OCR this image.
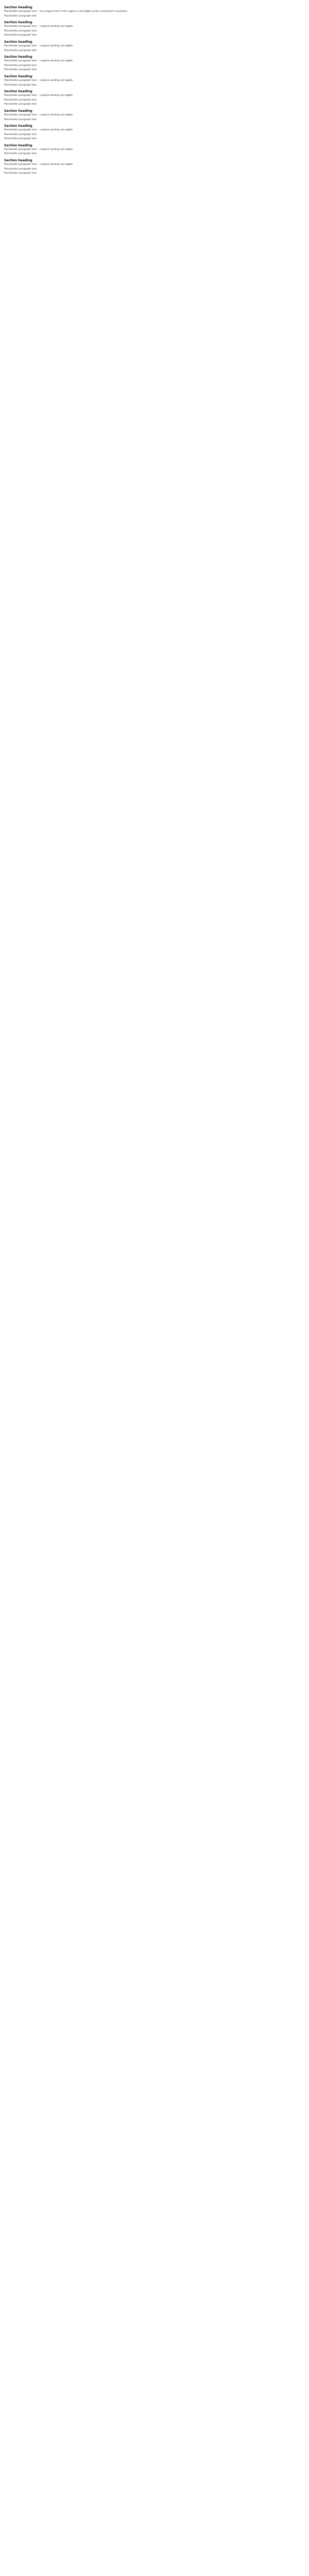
Section heading
Placeholder paragraph text — the original text in this region is not legible at the screenshot's resolution.
Placeholder paragraph text.
Section heading
Placeholder paragraph text — original wording not legible.
Placeholder paragraph text.
Placeholder paragraph text.
Section heading
Placeholder paragraph text — original wording not legible.
Placeholder paragraph text.
Section heading
Placeholder paragraph text — original wording not legible.
Placeholder paragraph text.
Placeholder paragraph text.
Section heading
Placeholder paragraph text — original wording not legible.
Placeholder paragraph text.
Section heading
Placeholder paragraph text — original wording not legible.
Placeholder paragraph text.
Placeholder paragraph text.
Section heading
Placeholder paragraph text — original wording not legible.
Placeholder paragraph text.
Section heading
Placeholder paragraph text — original wording not legible.
Placeholder paragraph text.
Placeholder paragraph text.
Section heading
Placeholder paragraph text — original wording not legible.
Placeholder paragraph text.
Section heading
Placeholder paragraph text — original wording not legible.
Placeholder paragraph text.
Placeholder paragraph text.
